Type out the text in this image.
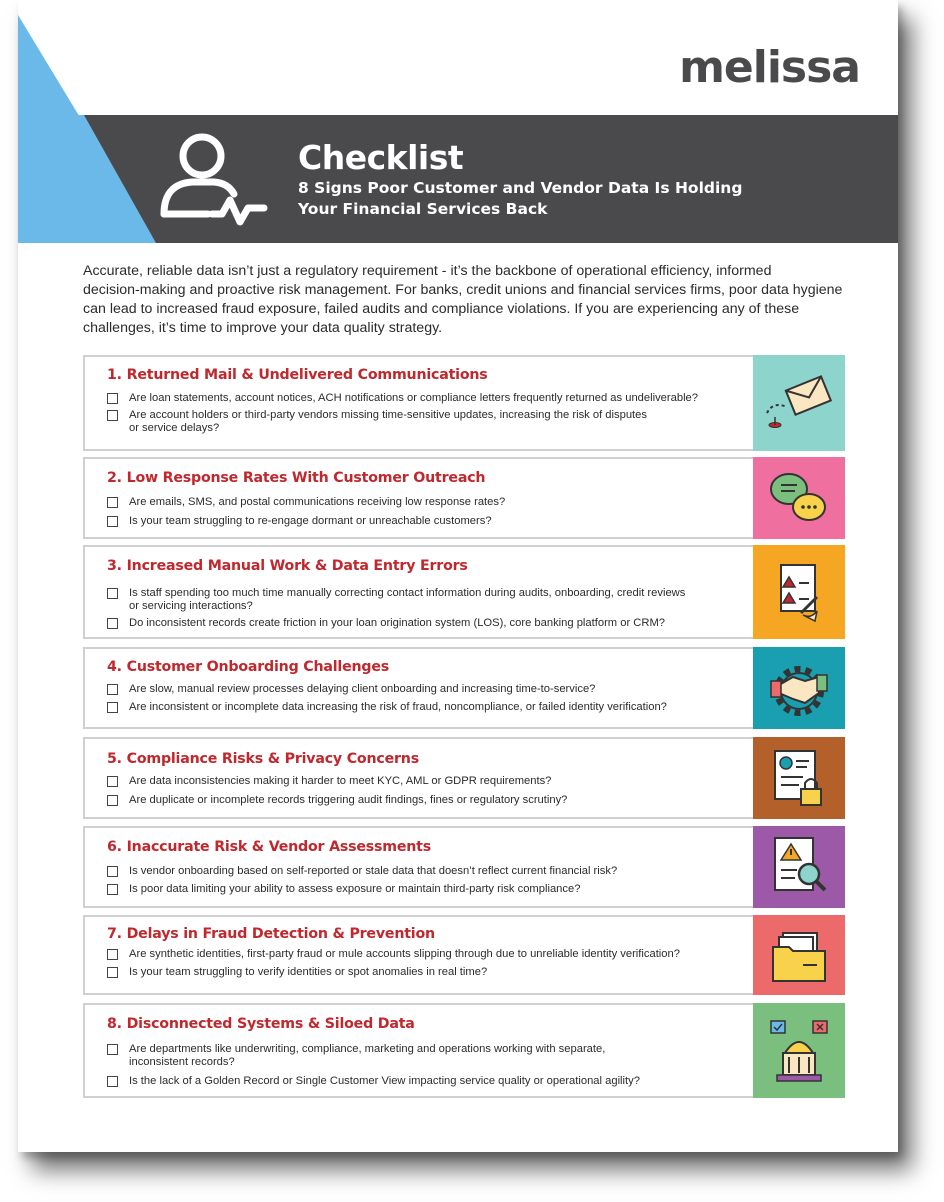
melissa
Checklist
8 Signs Poor Customer and Vendor Data Is Holding
Your Financial Services Back
Accurate, reliable data isn’t just a regulatory requirement - it’s the backbone of operational efficiency, informed
decision-making and proactive risk management. For banks, credit unions and financial services firms, poor data hygiene
can lead to increased fraud exposure, failed audits and compliance violations. If you are experiencing any of these
challenges, it’s time to improve your data quality strategy.
1. Returned Mail & Undelivered Communications
Are loan statements, account notices, ACH notifications or compliance letters frequently returned as undeliverable?
Are account holders or third-party vendors missing time-sensitive updates, increasing the risk of disputes
or service delays?
2. Low Response Rates With Customer Outreach
Are emails, SMS, and postal communications receiving low response rates?
Is your team struggling to re-engage dormant or unreachable customers?
3. Increased Manual Work & Data Entry Errors
Is staff spending too much time manually correcting contact information during audits, onboarding, credit reviews
or servicing interactions?
Do inconsistent records create friction in your loan origination system (LOS), core banking platform or CRM?
4. Customer Onboarding Challenges
Are slow, manual review processes delaying client onboarding and increasing time-to-service?
Are inconsistent or incomplete data increasing the risk of fraud, noncompliance, or failed identity verification?
5. Compliance Risks & Privacy Concerns
Are data inconsistencies making it harder to meet KYC, AML or GDPR requirements?
Are duplicate or incomplete records triggering audit findings, fines or regulatory scrutiny?
6. Inaccurate Risk & Vendor Assessments
Is vendor onboarding based on self-reported or stale data that doesn’t reflect current financial risk?
Is poor data limiting your ability to assess exposure or maintain third-party risk compliance?
7. Delays in Fraud Detection & Prevention
Are synthetic identities, first-party fraud or mule accounts slipping through due to unreliable identity verification?
Is your team struggling to verify identities or spot anomalies in real time?
8. Disconnected Systems & Siloed Data
Are departments like underwriting, compliance, marketing and operations working with separate,
inconsistent records?
Is the lack of a Golden Record or Single Customer View impacting service quality or operational agility?
